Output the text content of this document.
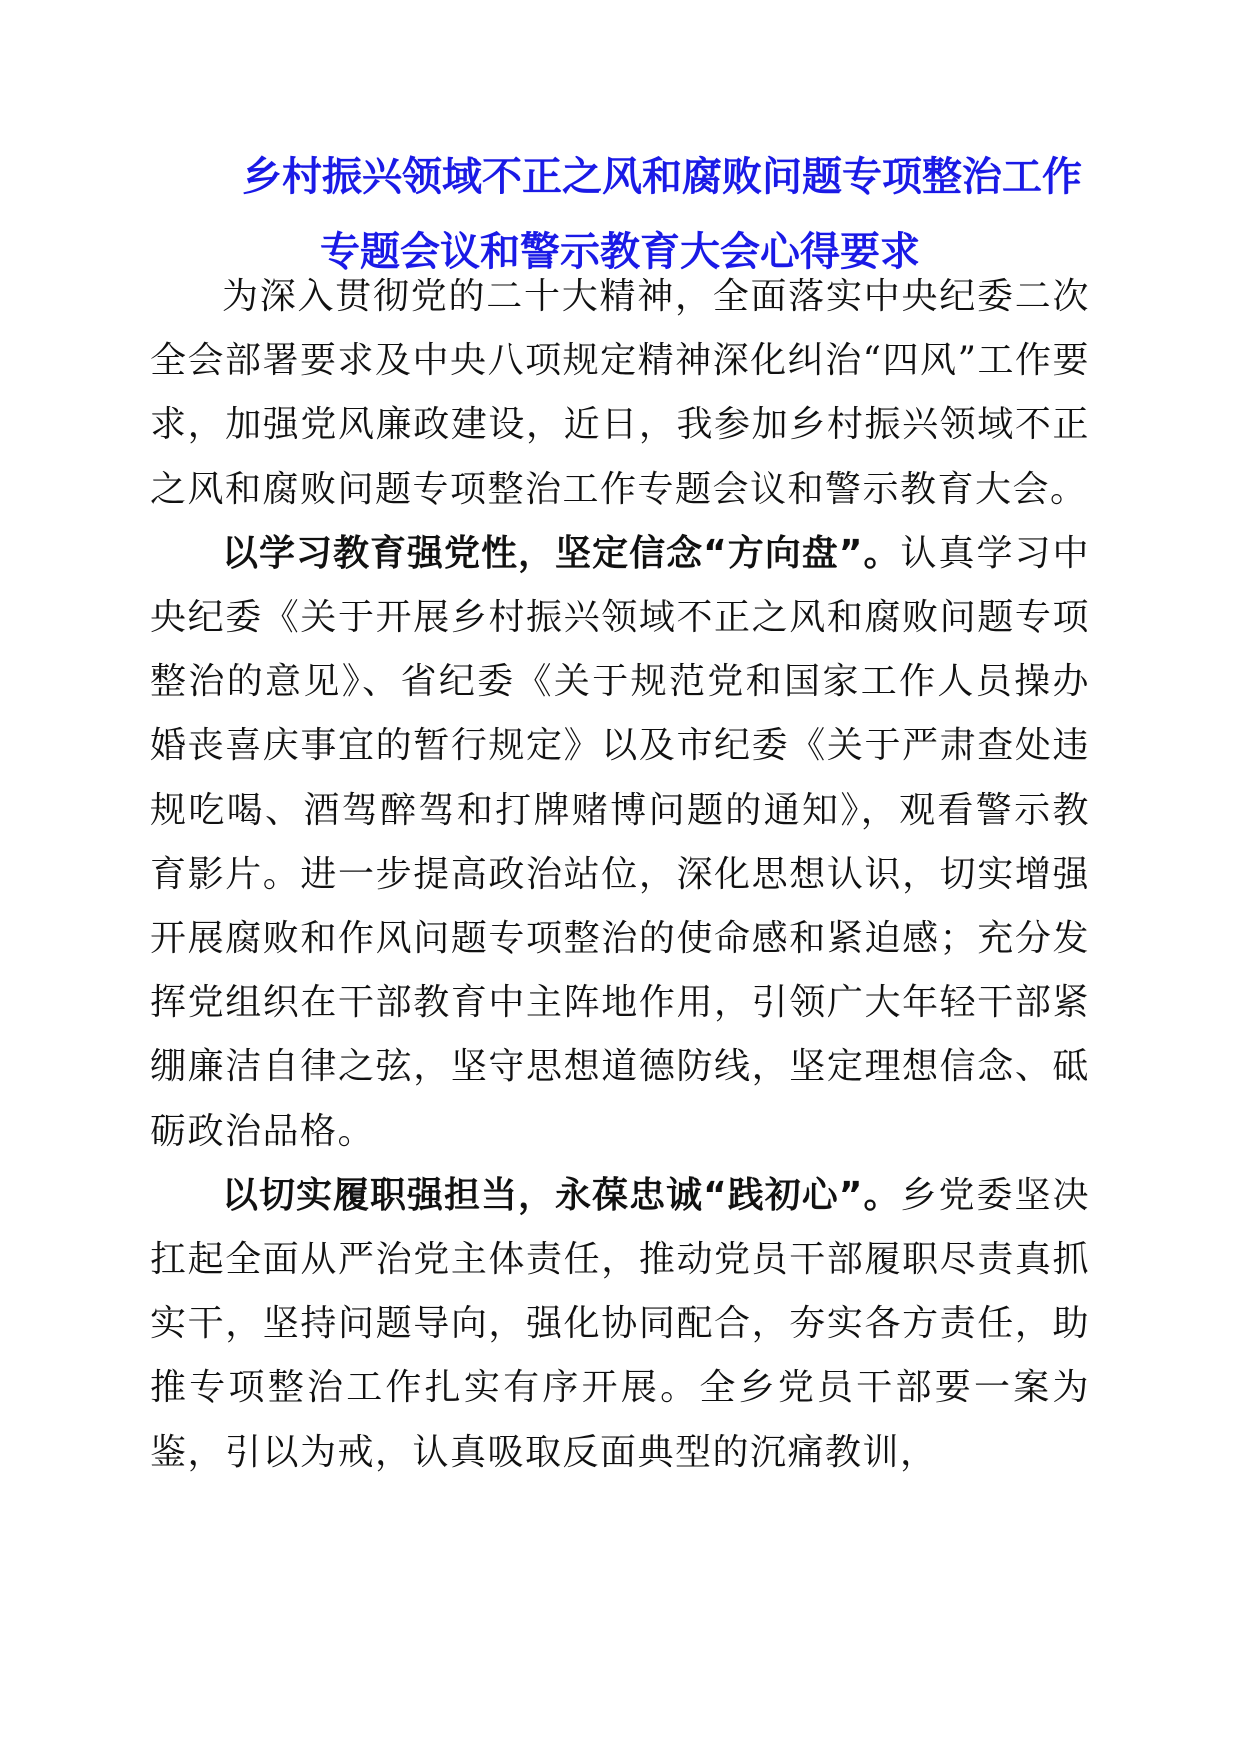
乡村振兴领域不正之风和腐败问题专项整治工作
专题会议和警示教育大会心得要求

为深入贯彻党的二十大精神，全面落实中央纪委二次全会部署要求及中央八项规定精神深化纠治“四风”工作要求，加强党风廉政建设，近日，我参加乡村振兴领域不正之风和腐败问题专项整治工作专题会议和警示教育大会。

以学习教育强党性，坚定信念“方向盘”。认真学习中央纪委《关于开展乡村振兴领域不正之风和腐败问题专项整治的意见》、省纪委《关于规范党和国家工作人员操办婚丧喜庆事宜的暂行规定》以及市纪委《关于严肃查处违规吃喝、酒驾醉驾和打牌赌博问题的通知》，观看警示教育影片。进一步提高政治站位，深化思想认识，切实增强开展腐败和作风问题专项整治的使命感和紧迫感；充分发挥党组织在干部教育中主阵地作用，引领广大年轻干部紧绷廉洁自律之弦，坚守思想道德防线，坚定理想信念、砥砺政治品格。

以切实履职强担当，永葆忠诚“践初心”。乡党委坚决扛起全面从严治党主体责任，推动党员干部履职尽责真抓实干，坚持问题导向，强化协同配合，夯实各方责任，助推专项整治工作扎实有序开展。全乡党员干部要一案为鉴，引以为戒，认真吸取反面典型的沉痛教训，
